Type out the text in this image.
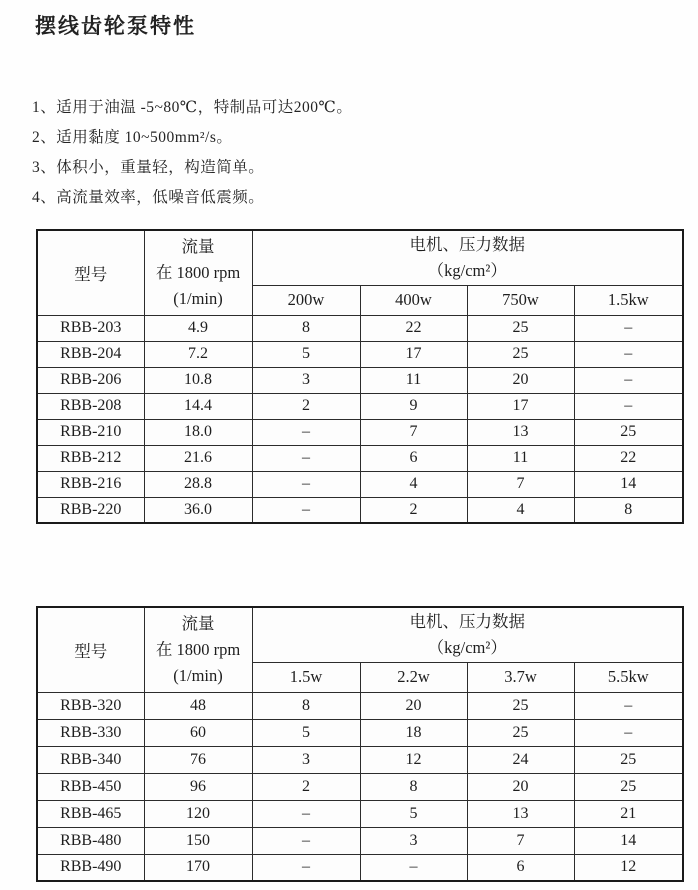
摆线齿轮泵特性
1、适用于油温 -5~80℃，特制品可达200℃。
2、适用黏度 10~500mm²/s。
3、体积小，重量轻，构造简单。
4、高流量效率，低噪音低震频。
型号	流量
在 1800 rpm
(1/min)	电机、压力数据
（kg/cm²）			

		200w	400w	750w	1.5kw
RBB-203	4.9	8	22	25	–
RBB-204	7.2	5	17	25	–
RBB-206	10.8	3	11	20	–
RBB-208	14.4	2	9	17	–
RBB-210	18.0	–	7	13	25
RBB-212	21.6	–	6	11	22
RBB-216	28.8	–	4	7	14
RBB-220	36.0	–	2	4	8
型号	流量
在 1800 rpm
(1/min)	电机、压力数据
（kg/cm²）			

		1.5w	2.2w	3.7w	5.5kw
RBB-320	48	8	20	25	–
RBB-330	60	5	18	25	–
RBB-340	76	3	12	24	25
RBB-450	96	2	8	20	25
RBB-465	120	–	5	13	21
RBB-480	150	–	3	7	14
RBB-490	170	–	–	6	12
